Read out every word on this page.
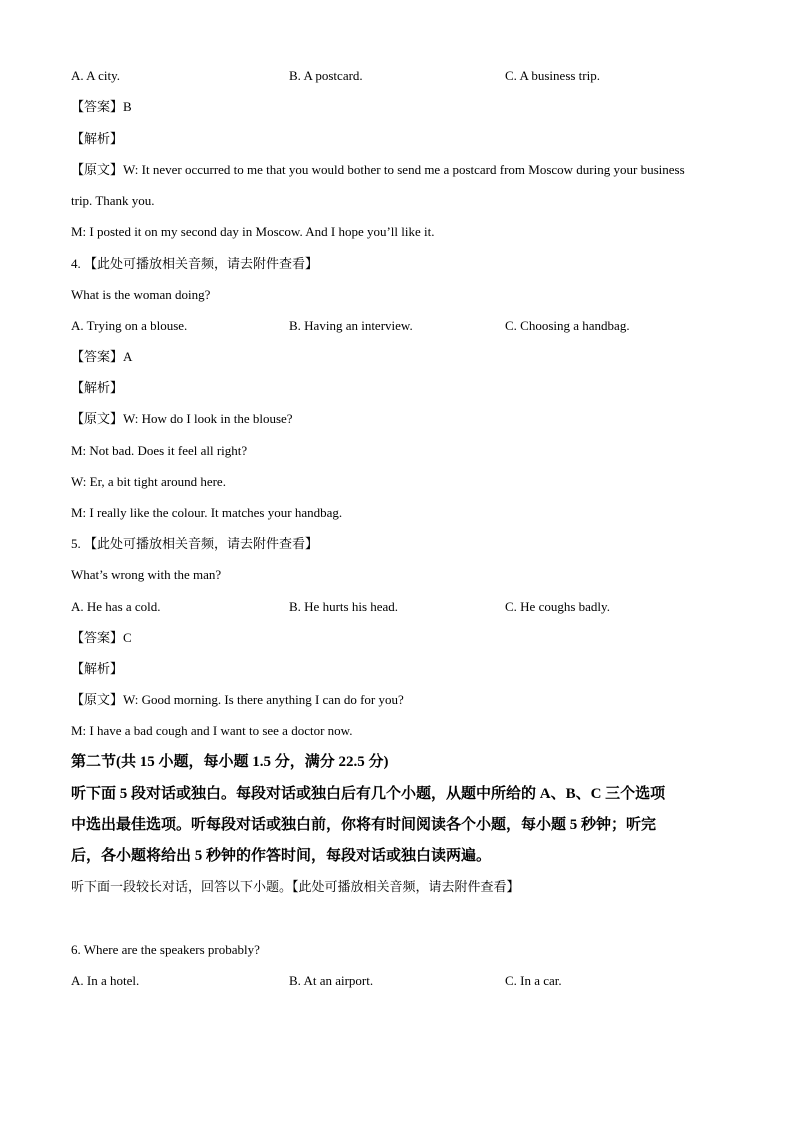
A. A city.	B. A postcard.	C. A business trip.
【答案】B
【解析】
【原文】W: It never occurred to me that you would bother to send me a postcard from Moscow during your business
trip. Thank you.
M: I posted it on my second day in Moscow. And I hope you’ll like it.
4. 【此处可播放相关音频，请去附件查看】
What is the woman doing?
A. Trying on a blouse.	B. Having an interview.	C. Choosing a handbag.
【答案】A
【解析】
【原文】W: How do I look in the blouse?
M: Not bad. Does it feel all right?
W: Er, a bit tight around here.
M: I really like the colour. It matches your handbag.
5. 【此处可播放相关音频，请去附件查看】
What’s wrong with the man?
A. He has a cold.	B. He hurts his head.	C. He coughs badly.
【答案】C
【解析】
【原文】W: Good morning. Is there anything I can do for you?
M: I have a bad cough and I want to see a doctor now.
第二节(共 15 小题，每小题 1.5 分，满分 22.5 分)
听下面 5 段对话或独白。每段对话或独白后有几个小题，从题中所给的 A、B、C 三个选项
中选出最佳选项。听每段对话或独白前，你将有时间阅读各个小题，每小题 5 秒钟；听完
后，各小题将给出 5 秒钟的作答时间，每段对话或独白读两遍。
听下面一段较长对话，回答以下小题。【此处可播放相关音频，请去附件查看】
6. Where are the speakers probably?
A. In a hotel.	B. At an airport.	C. In a car.
